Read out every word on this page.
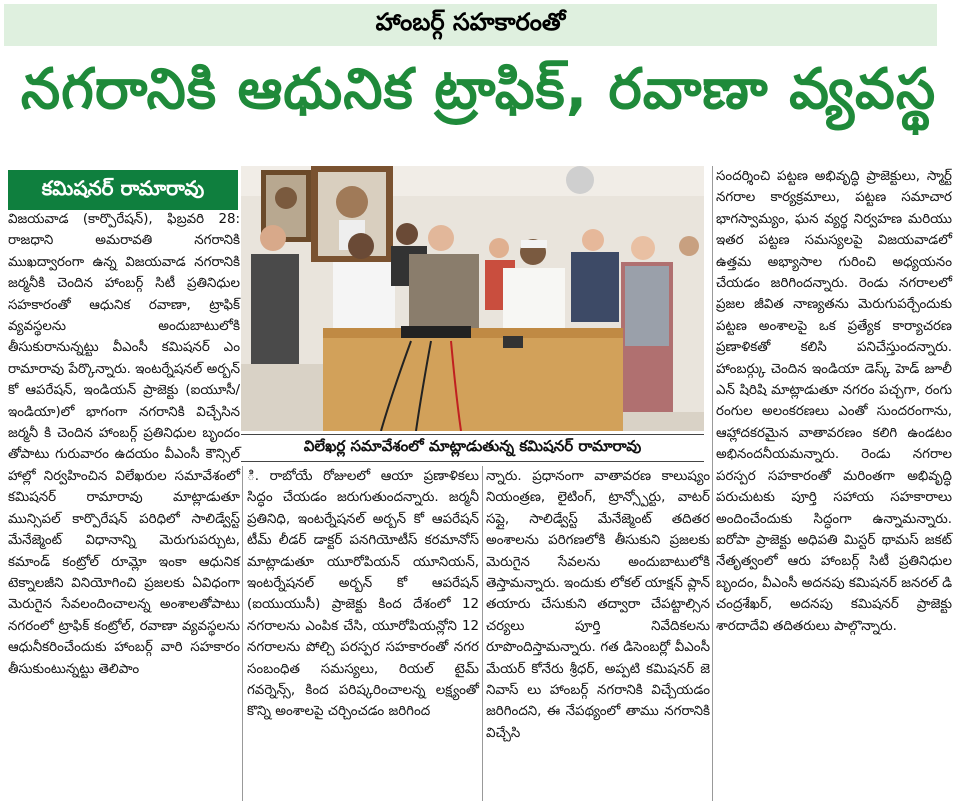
హాంబర్గ్ సహకారంతో
నగరానికి ఆధునిక ట్రాఫిక్, రవాణా వ్యవస్థ
కమిషనర్ రామారావు

విజయవాడ (కార్పొరేషన్), ఫిబ్రవరి 28: రాజధాని అమరావతి నగరానికి ముఖద్వారంగా ఉన్న విజయవాడ నగరానికి జర్మనీకి చెందిన హాంబర్గ్ సిటీ ప్రతినిధుల సహకారంతో ఆధునిక రవాణా, ట్రాఫిక్ వ్యవస్థలను అందుబాటులోకి తీసుకురానున్నట్టు వీఎంసీ కమిషనర్ ఎం రామారావు పేర్కొన్నారు. ఇంటర్నేషనల్ అర్బన్ కో ఆపరేషన్, ఇండియన్ ప్రాజెక్టు (ఐయూసీ/ ఇండియా)లో భాగంగా నగరానికి విచ్చేసిన జర్మనీ కి చెందిన హాంబర్గ్ ప్రతినిధుల బృందం తోపాటు గురువారం ఉదయం వీఎంసీ కౌన్సిల్ హాల్లో నిర్వహించిన విలేఖరుల సమావేశంలో కమిషనర్ రామారావు మాట్లాడుతూ మున్సిపల్ కార్పొరేషన్ పరిధిలో సాలిడ్వేస్ట్ మేనేజ్మెంట్ విధానాన్ని మెరుగుపర్చుట, కమాండ్ కంట్రోల్ రూమ్లో ఇంకా ఆధునిక టెక్నాలజీని వినియోగించి ప్రజలకు ఏవిధంగా మెరుగైన సేవలందించాలన్న అంశాలతోపాటు నగరంలో ట్రాఫిక్ కంట్రోల్, రవాణా వ్యవస్థలను ఆధునీకరించేందుకు హాంబర్గ్ వారి సహకారం తీసుకుంటున్నట్టు తెలిపాం

విలేఖర్ల సమావేశంలో మాట్లాడుతున్న కమిషనర్ రామారావు

ి. రాబోయే రోజులలో ఆయా ప్రణాళికలు సిద్ధం చేయడం జరుగుతుందన్నారు. జర్మనీ ప్రతినిధి, ఇంటర్నేషనల్ అర్బన్ కో ఆపరేషన్ టీమ్ లీడర్ డాక్టర్ పనగియోటీస్ కరమానోస్ మాట్లాడుతూ యూరోపియన్ యూనియన్, ఇంటర్నేషనల్ అర్బన్ కో ఆపరేషన్ (ఐయుయుసీ) ప్రాజెక్టు కింద దేశంలో 12 నగరాలను ఎంపిక చేసి, యూరోపియన్లోని 12 నగరాలను పోల్చి పరస్పర సహకారంతో నగర సంబంధిత సమస్యలు, రియల్ టైమ్ గవర్నెన్స్, కింద పరిష్కరించాలన్న లక్ష్యంతో కొన్ని అంశాలపై చర్చించడం జరిగింద

న్నారు. ప్రధానంగా వాతావరణ కాలుష్యం నియంత్రణ, లైటింగ్, ట్రాన్స్పోర్టు, వాటర్ సప్లై, సాలిడ్వేస్ట్ మేనేజ్మెంట్ తదితర అంశాలను పరిగణలోకి తీసుకుని ప్రజలకు మెరుగైన సేవలను అందుబాటులోకి తెస్తామన్నారు. ఇందుకు లోకల్ యాక్షన్ ప్లాన్ తయారు చేసుకుని తద్వారా చేపట్టాల్సిన చర్యలు పూర్తి నివేదికలను రూపొందిస్తామన్నారు. గత డిసెంబర్లో వీఎంసీ మేయర్ కోనేరు శ్రీధర్, అప్పటి కమిషనర్ జె నివాస్ లు హాంబర్గ్ నగరానికి విచ్చేయడం జరిగిందని, ఈ నేపథ్యంలో తాము నగరానికి విచ్చేసి

సందర్శించి పట్టణ అభివృద్ధి ప్రాజెక్టులు, స్మార్ట్ నగరాల కార్యక్రమాలు, పట్టణ సమాచార భాగస్వామ్యం, ఘన వ్యర్థ నిర్వహణ మరియు ఇతర పట్టణ సమస్యలపై విజయవాడలో ఉత్తమ అభ్యాసాల గురించి అధ్యయనం చేయడం జరిగిందన్నారు. రెండు నగరాలలో ప్రజల జీవిత నాణ్యతను మెరుగుపర్చేందుకు పట్టణ అంశాలపై ఒక ప్రత్యేక కార్యాచరణ ప్రణాళికతో కలిసి పనిచేస్తుందన్నారు. హాంబర్గ్కు చెందిన ఇండియా డెస్క్ హెడ్ జూలీ ఎన్ షిరిషి మాట్లాడుతూ నగరం పచ్చగా, రంగు రంగుల అలంకరణలు ఎంతో సుందరంగాను, ఆహ్లాదకరమైన వాతావరణం కలిగి ఉండటం అభినందనీయమన్నారు. రెండు నగరాల పరస్పర సహకారంతో మరింతగా అభివృద్ధి పరుచుటకు పూర్తి సహాయ సహకారాలు అందించేందుకు సిద్ధంగా ఉన్నామన్నారు. ఐరోపా ప్రాజెక్టు అధిపతి మిస్టర్ థామస్ జకట్ నేతృత్వంలో ఆరు హాంబర్గ్ సిటీ ప్రతినిధుల బృందం, వీఎంసీ అదనపు కమిషనర్ జనరల్ డి చంద్రశేఖర్, అదనపు కమిషనర్ ప్రాజెక్టు శారదాదేవి తదితరులు పాల్గొన్నారు.
